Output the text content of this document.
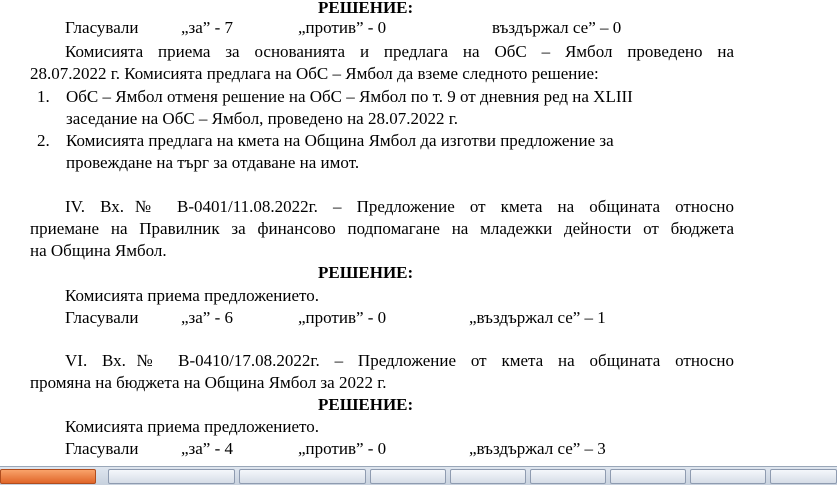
РЕШЕНИЕ:
Гласували	„за” - 7	„против” - 0	въздържал се” – 0
Комисията приема за основанията и предлага на ОбС – Ямбол проведено на
28.07.2022 г. Комисията предлага на ОбС – Ямбол да вземе следното решение:
1. ОбС – Ямбол отменя решение на ОбС – Ямбол по т. 9 от дневния ред на XLIII
заседание на ОбС – Ямбол, проведено на 28.07.2022 г.
2. Комисията предлага на кмета на Община Ямбол да изготви предложение за
провеждане на търг за отдаване на имот.
IV. Вх.№ В-0401/11.08.2022г. – Предложение от кмета на общината относно
приемане на Правилник за финансово подпомагане на младежки дейности от бюджета
на Община Ямбол.
РЕШЕНИЕ:
Комисията приема предложението.
Гласували	„за” - 6	„против” - 0	„въздържал се” – 1
VI. Вх.№ В-0410/17.08.2022г. – Предложение от кмета на общината относно
промяна на бюджета на Община Ямбол за 2022 г.
РЕШЕНИЕ:
Комисията приема предложението.
Гласували	„за” - 4	„против” - 0	„въздържал се” – 3
